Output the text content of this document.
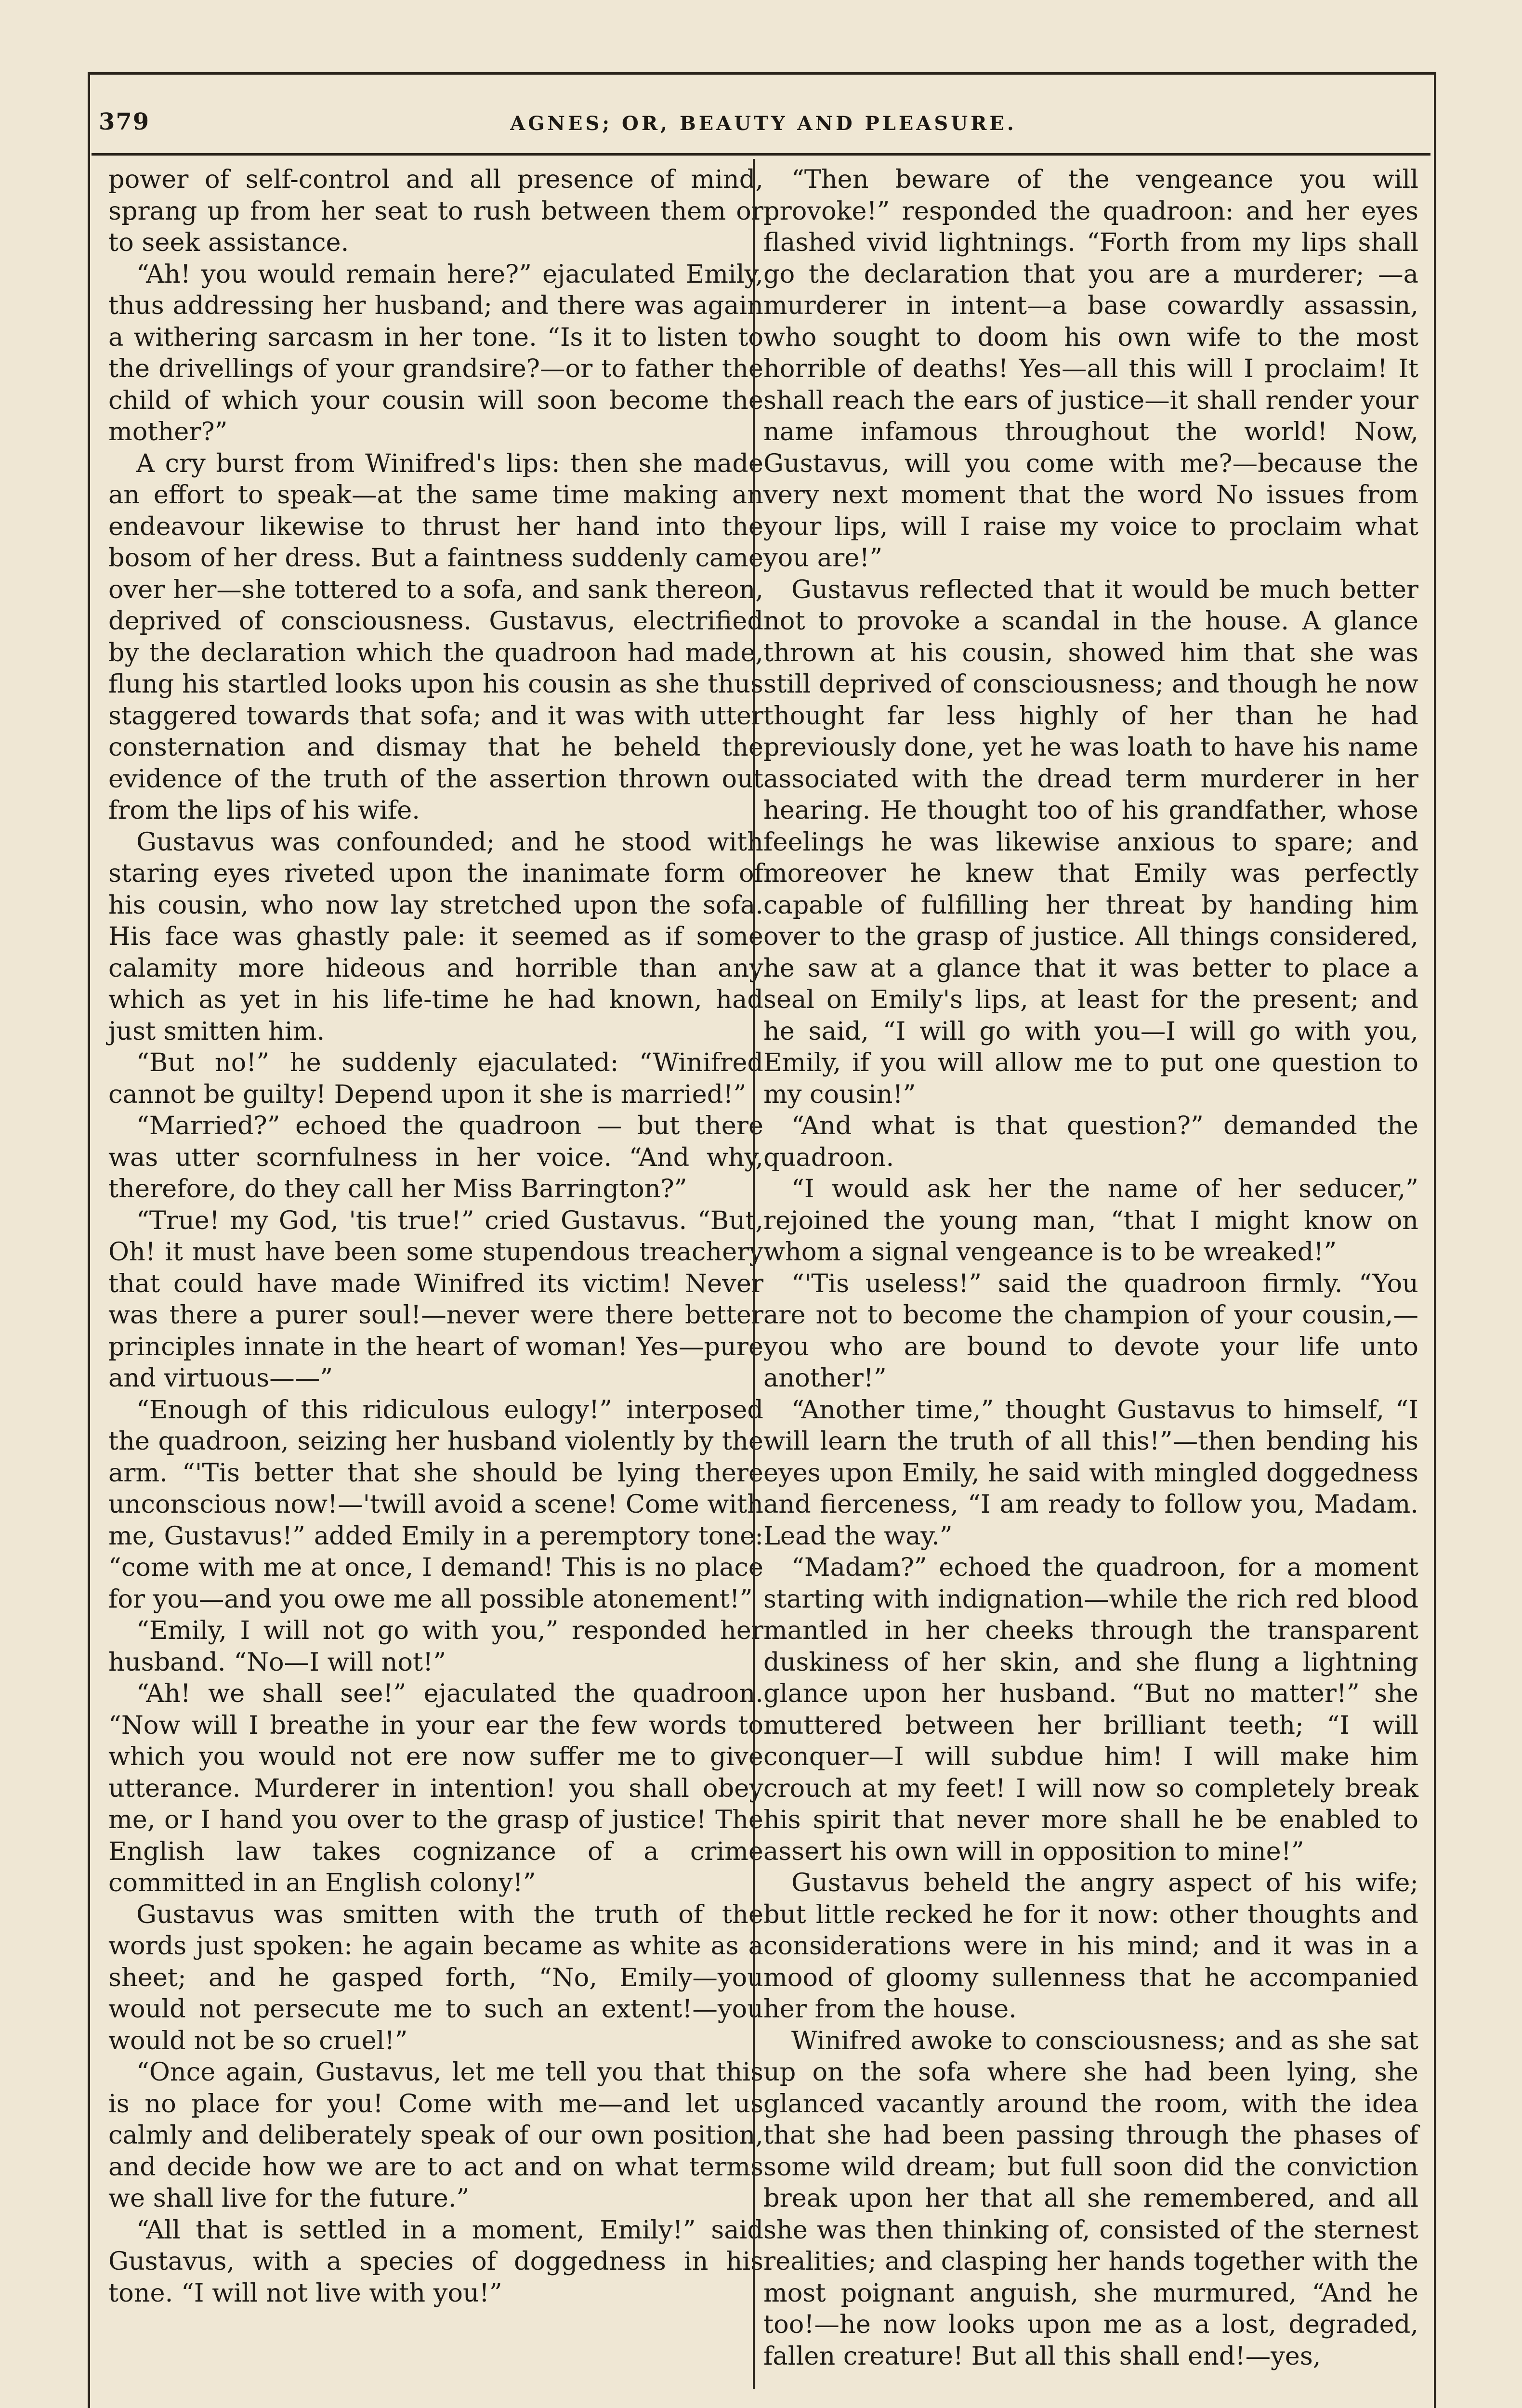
379	AGNES; OR, BEAUTY AND PLEASURE.

power of self-control and all presence of mind, sprang up from her seat to rush between them or to seek assistance.

“Ah! you would remain here?” ejaculated Emily, thus addressing her husband; and there was again a withering sarcasm in her tone. “Is it to listen to the drivellings of your grandsire?—or to father the child of which your cousin will soon become the mother?”

A cry burst from Winifred's lips: then she made an effort to speak—at the same time making an endeavour likewise to thrust her hand into the bosom of her dress. But a faintness suddenly came over her—she tottered to a sofa, and sank thereon, deprived of consciousness. Gustavus, electrified by the declaration which the quadroon had made, flung his startled looks upon his cousin as she thus staggered towards that sofa; and it was with utter consternation and dismay that he beheld the evidence of the truth of the assertion thrown out from the lips of his wife.

Gustavus was confounded; and he stood with staring eyes riveted upon the inanimate form of his cousin, who now lay stretched upon the sofa. His face was ghastly pale: it seemed as if some calamity more hideous and horrible than any which as yet in his life-time he had known, had just smitten him.

“But no!” he suddenly ejaculated: “Winifred cannot be guilty! Depend upon it she is married!”

“Married?” echoed the quadroon — but there was utter scornfulness in her voice. “And why, therefore, do they call her Miss Barrington?”

“True! my God, 'tis true!” cried Gustavus. “But, Oh! it must have been some stupendous treachery that could have made Winifred its victim! Never was there a purer soul!—never were there better principles innate in the heart of woman! Yes—pure and virtuous——”

“Enough of this ridiculous eulogy!” interposed the quadroon, seizing her husband violently by the arm. “'Tis better that she should be lying there unconscious now!—'twill avoid a scene! Come with me, Gustavus!” added Emily in a peremptory tone: “come with me at once, I demand! This is no place for you—and you owe me all possible atonement!”

“Emily, I will not go with you,” responded her husband. “No—I will not!”

“Ah! we shall see!” ejaculated the quadroon. “Now will I breathe in your ear the few words to which you would not ere now suffer me to give utterance. Murderer in intention! you shall obey me, or I hand you over to the grasp of justice! The English law takes cognizance of a crime committed in an English colony!”

Gustavus was smitten with the truth of the words just spoken: he again became as white as a sheet; and he gasped forth, “No, Emily—you would not persecute me to such an extent!—you would not be so cruel!”

“Once again, Gustavus, let me tell you that this is no place for you! Come with me—and let us calmly and deliberately speak of our own position, and decide how we are to act and on what terms we shall live for the future.”

“All that is settled in a moment, Emily!” said Gustavus, with a species of doggedness in his tone. “I will not live with you!”

“Then beware of the vengeance you will provoke!” responded the quadroon: and her eyes flashed vivid lightnings. “Forth from my lips shall go the declaration that you are a murderer; —a murderer in intent—a base cowardly assassin, who sought to doom his own wife to the most horrible of deaths! Yes—all this will I proclaim! It shall reach the ears of justice—it shall render your name infamous throughout the world! Now, Gustavus, will you come with me?—because the very next moment that the word No issues from your lips, will I raise my voice to proclaim what you are!”

Gustavus reflected that it would be much better not to provoke a scandal in the house. A glance thrown at his cousin, showed him that she was still deprived of consciousness; and though he now thought far less highly of her than he had previously done, yet he was loath to have his name associated with the dread term murderer in her hearing. He thought too of his grandfather, whose feelings he was likewise anxious to spare; and moreover he knew that Emily was perfectly capable of fulfilling her threat by handing him over to the grasp of justice. All things considered, he saw at a glance that it was better to place a seal on Emily's lips, at least for the present; and he said, “I will go with you—I will go with you, Emily, if you will allow me to put one question to my cousin!”

“And what is that question?” demanded the quadroon.

“I would ask her the name of her seducer,” rejoined the young man, “that I might know on whom a signal vengeance is to be wreaked!”

“'Tis useless!” said the quadroon firmly. “You are not to become the champion of your cousin,—you who are bound to devote your life unto another!”

“Another time,” thought Gustavus to himself, “I will learn the truth of all this!”—then bending his eyes upon Emily, he said with mingled doggedness and fierceness, “I am ready to follow you, Madam. Lead the way.”

“Madam?” echoed the quadroon, for a moment starting with indignation—while the rich red blood mantled in her cheeks through the transparent duskiness of her skin, and she flung a lightning glance upon her husband. “But no matter!” she muttered between her brilliant teeth; “I will conquer—I will subdue him! I will make him crouch at my feet! I will now so completely break his spirit that never more shall he be enabled to assert his own will in opposition to mine!”

Gustavus beheld the angry aspect of his wife; but little recked he for it now: other thoughts and considerations were in his mind; and it was in a mood of gloomy sullenness that he accompanied her from the house.

Winifred awoke to consciousness; and as she sat up on the sofa where she had been lying, she glanced vacantly around the room, with the idea that she had been passing through the phases of some wild dream; but full soon did the conviction break upon her that all she remembered, and all she was then thinking of, consisted of the sternest realities; and clasping her hands together with the most poignant anguish, she murmured, “And he too!—he now looks upon me as a lost, degraded, fallen creature! But all this shall end!—yes,
